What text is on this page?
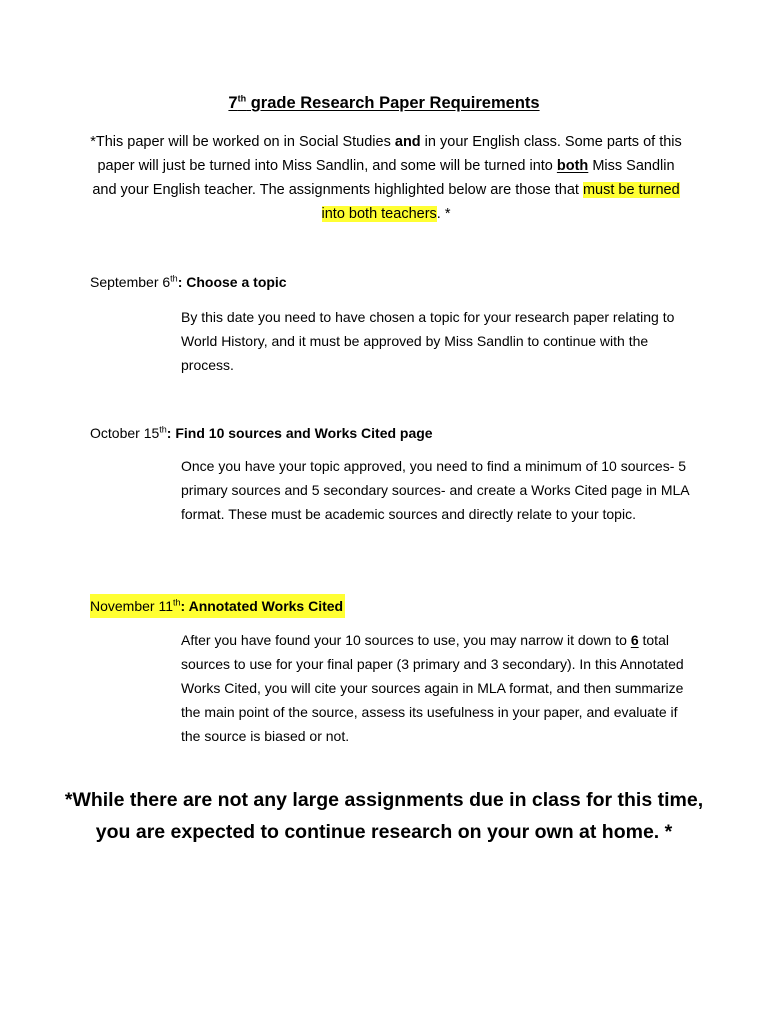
7th grade Research Paper Requirements
*This paper will be worked on in Social Studies and in your English class. Some parts of this paper will just be turned into Miss Sandlin, and some will be turned into both Miss Sandlin and your English teacher. The assignments highlighted below are those that must be turned into both teachers. *
September 6th: Choose a topic
By this date you need to have chosen a topic for your research paper relating to World History, and it must be approved by Miss Sandlin to continue with the process.
October 15th: Find 10 sources and Works Cited page
Once you have your topic approved, you need to find a minimum of 10 sources- 5 primary sources and 5 secondary sources- and create a Works Cited page in MLA format. These must be academic sources and directly relate to your topic.
November 11th: Annotated Works Cited
After you have found your 10 sources to use, you may narrow it down to 6 total sources to use for your final paper (3 primary and 3 secondary). In this Annotated Works Cited, you will cite your sources again in MLA format, and then summarize the main point of the source, assess its usefulness in your paper, and evaluate if the source is biased or not.
*While there are not any large assignments due in class for this time, you are expected to continue research on your own at home. *
